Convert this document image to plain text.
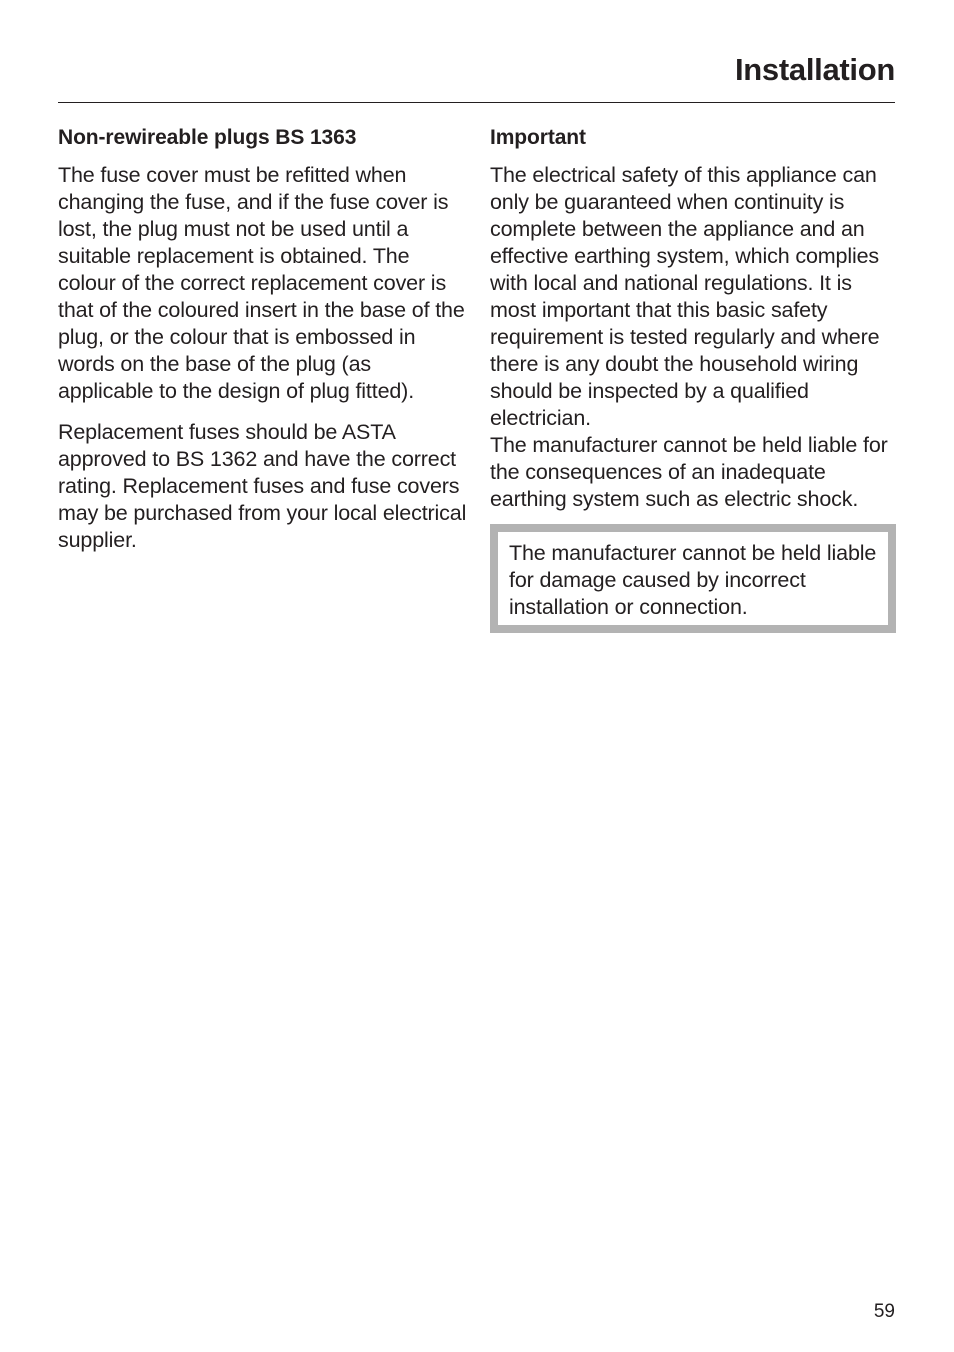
Installation
Non-rewireable plugs BS 1363

The fuse cover must be refitted when changing the fuse, and if the fuse cover is lost, the plug must not be used until a suitable replacement is obtained. The colour of the correct replacement cover is that of the coloured insert in the base of the plug, or the colour that is embossed in words on the base of the plug (as applicable to the design of plug fitted).

Replacement fuses should be ASTA approved to BS 1362 and have the correct rating. Replacement fuses and fuse covers may be purchased from your local electrical supplier.

Important

The electrical safety of this appliance can only be guaranteed when continuity is complete between the appliance and an effective earthing system, which complies with local and national regulations. It is most important that this basic safety requirement is tested regularly and where there is any doubt the household wiring should be inspected by a qualified electrician.

The manufacturer cannot be held liable for the consequences of an inadequate earthing system such as electric shock.

The manufacturer cannot be held liable for damage caused by incorrect installation or connection.

59
